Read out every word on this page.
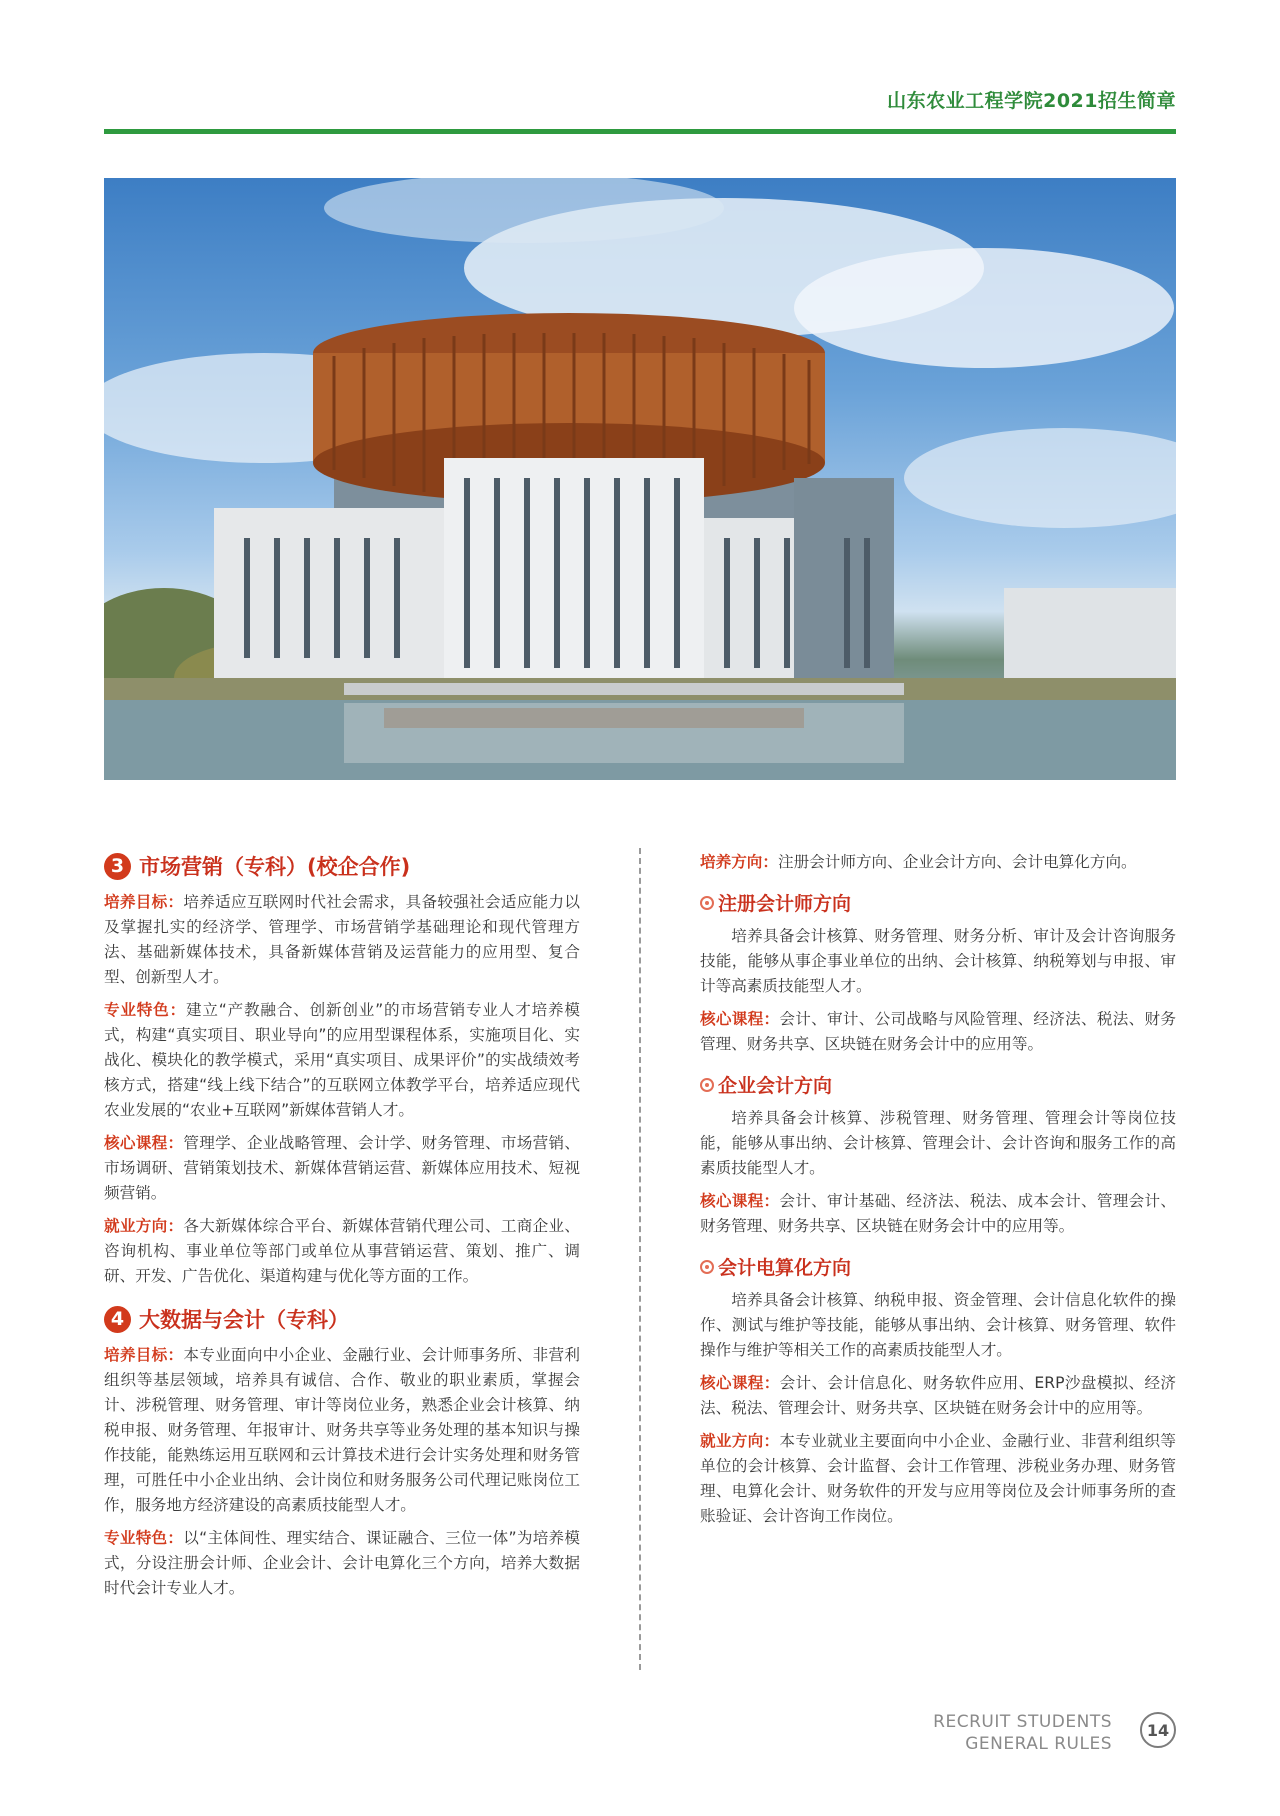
山东农业工程学院2021招生简章
3 市场营销（专科）(校企合作)

培养目标：培养适应互联网时代社会需求，具备较强社会适应能力以及掌握扎实的经济学、管理学、市场营销学基础理论和现代管理方法、基础新媒体技术，具备新媒体营销及运营能力的应用型、复合型、创新型人才。

专业特色：建立“产教融合、创新创业”的市场营销专业人才培养模式，构建“真实项目、职业导向”的应用型课程体系，实施项目化、实战化、模块化的教学模式，采用“真实项目、成果评价”的实战绩效考核方式，搭建“线上线下结合”的互联网立体教学平台，培养适应现代农业发展的“农业+互联网”新媒体营销人才。

核心课程：管理学、企业战略管理、会计学、财务管理、市场营销、市场调研、营销策划技术、新媒体营销运营、新媒体应用技术、短视频营销。

就业方向：各大新媒体综合平台、新媒体营销代理公司、工商企业、咨询机构、事业单位等部门或单位从事营销运营、策划、推广、调研、开发、广告优化、渠道构建与优化等方面的工作。

4 大数据与会计（专科）

培养目标：本专业面向中小企业、金融行业、会计师事务所、非营利组织等基层领域，培养具有诚信、合作、敬业的职业素质，掌握会计、涉税管理、财务管理、审计等岗位业务，熟悉企业会计核算、纳税申报、财务管理、年报审计、财务共享等业务处理的基本知识与操作技能，能熟练运用互联网和云计算技术进行会计实务处理和财务管理，可胜任中小企业出纳、会计岗位和财务服务公司代理记账岗位工作，服务地方经济建设的高素质技能型人才。

专业特色：以“主体间性、理实结合、课证融合、三位一体”为培养模式，分设注册会计师、企业会计、会计电算化三个方向，培养大数据时代会计专业人才。

培养方向：注册会计师方向、企业会计方向、会计电算化方向。

注册会计师方向

培养具备会计核算、财务管理、财务分析、审计及会计咨询服务技能，能够从事企事业单位的出纳、会计核算、纳税筹划与申报、审计等高素质技能型人才。

核心课程：会计、审计、公司战略与风险管理、经济法、税法、财务管理、财务共享、区块链在财务会计中的应用等。

企业会计方向

培养具备会计核算、涉税管理、财务管理、管理会计等岗位技能，能够从事出纳、会计核算、管理会计、会计咨询和服务工作的高素质技能型人才。

核心课程：会计、审计基础、经济法、税法、成本会计、管理会计、财务管理、财务共享、区块链在财务会计中的应用等。

会计电算化方向

培养具备会计核算、纳税申报、资金管理、会计信息化软件的操作、测试与维护等技能，能够从事出纳、会计核算、财务管理、软件操作与维护等相关工作的高素质技能型人才。

核心课程：会计、会计信息化、财务软件应用、ERP沙盘模拟、经济法、税法、管理会计、财务共享、区块链在财务会计中的应用等。

就业方向：本专业就业主要面向中小企业、金融行业、非营利组织等单位的会计核算、会计监督、会计工作管理、涉税业务办理、财务管理、电算化会计、财务软件的开发与应用等岗位及会计师事务所的查账验证、会计咨询工作岗位。

RECRUIT STUDENTS
GENERAL RULES
14
